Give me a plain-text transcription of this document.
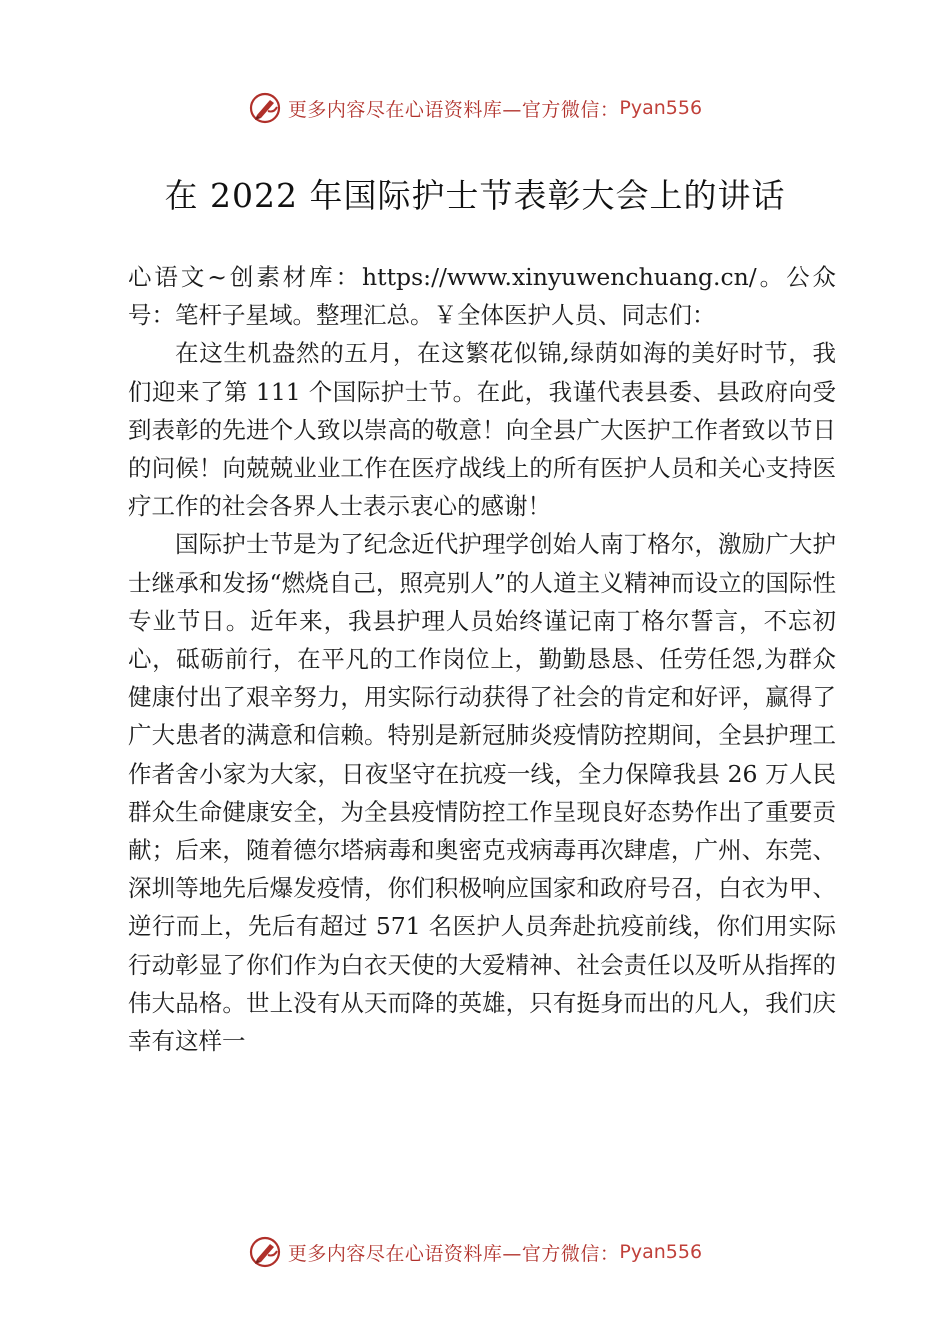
更多内容尽在心语资料库—官方微信： Pyan556
在 2022 年国际护士节表彰大会上的讲话

心语文~创素材库：https://www.xinyuwenchuang.cn/。公众号：笔杆子星域。整理汇总。￥全体医护人员、同志们：

在这生机盎然的五月，在这繁花似锦,绿荫如海的美好时节，我们迎来了第 111 个国际护士节。在此，我谨代表县委、县政府向受到表彰的先进个人致以崇高的敬意！向全县广大医护工作者致以节日的问候！向兢兢业业工作在医疗战线上的所有医护人员和关心支持医疗工作的社会各界人士表示衷心的感谢！

国际护士节是为了纪念近代护理学创始人南丁格尔，激励广大护士继承和发扬“燃烧自己，照亮别人”的人道主义精神而设立的国际性专业节日。近年来，我县护理人员始终谨记南丁格尔誓言，不忘初心，砥砺前行，在平凡的工作岗位上，勤勤恳恳、任劳任怨,为群众健康付出了艰辛努力，用实际行动获得了社会的肯定和好评，赢得了广大患者的满意和信赖。特别是新冠肺炎疫情防控期间，全县护理工作者舍小家为大家，日夜坚守在抗疫一线，全力保障我县 26 万人民群众生命健康安全，为全县疫情防控工作呈现良好态势作出了重要贡献；后来，随着德尔塔病毒和奥密克戎病毒再次肆虐，广州、东莞、深圳等地先后爆发疫情，你们积极响应国家和政府号召，白衣为甲、逆行而上，先后有超过 571 名医护人员奔赴抗疫前线，你们用实际行动彰显了你们作为白衣天使的大爱精神、社会责任以及听从指挥的伟大品格。世上没有从天而降的英雄，只有挺身而出的凡人，我们庆幸有这样一

更多内容尽在心语资料库—官方微信： Pyan556
